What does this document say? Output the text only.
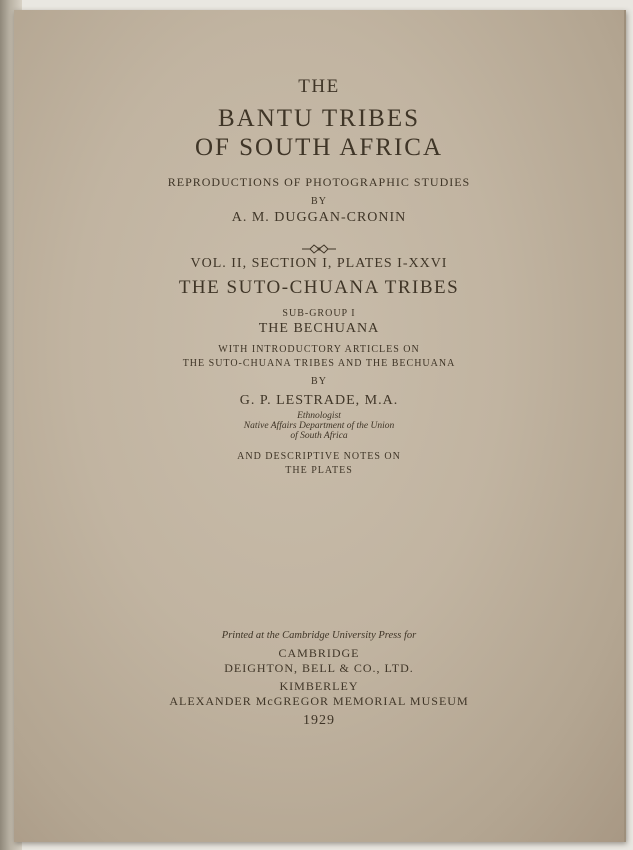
THE
BANTU TRIBES
OF SOUTH AFRICA
REPRODUCTIONS OF PHOTOGRAPHIC STUDIES
BY
A. M. DUGGAN-CRONIN
VOL. II, SECTION I, PLATES I-XXVI
THE SUTO-CHUANA TRIBES
SUB-GROUP I
THE BECHUANA
WITH INTRODUCTORY ARTICLES ON
THE SUTO-CHUANA TRIBES AND THE BECHUANA
BY
G. P. LESTRADE, M.A.
Ethnologist
Native Affairs Department of the Union
of South Africa
AND DESCRIPTIVE NOTES ON
THE PLATES
Printed at the Cambridge University Press for
CAMBRIDGE
DEIGHTON, BELL & CO., LTD.
KIMBERLEY
ALEXANDER McGREGOR MEMORIAL MUSEUM
1929
